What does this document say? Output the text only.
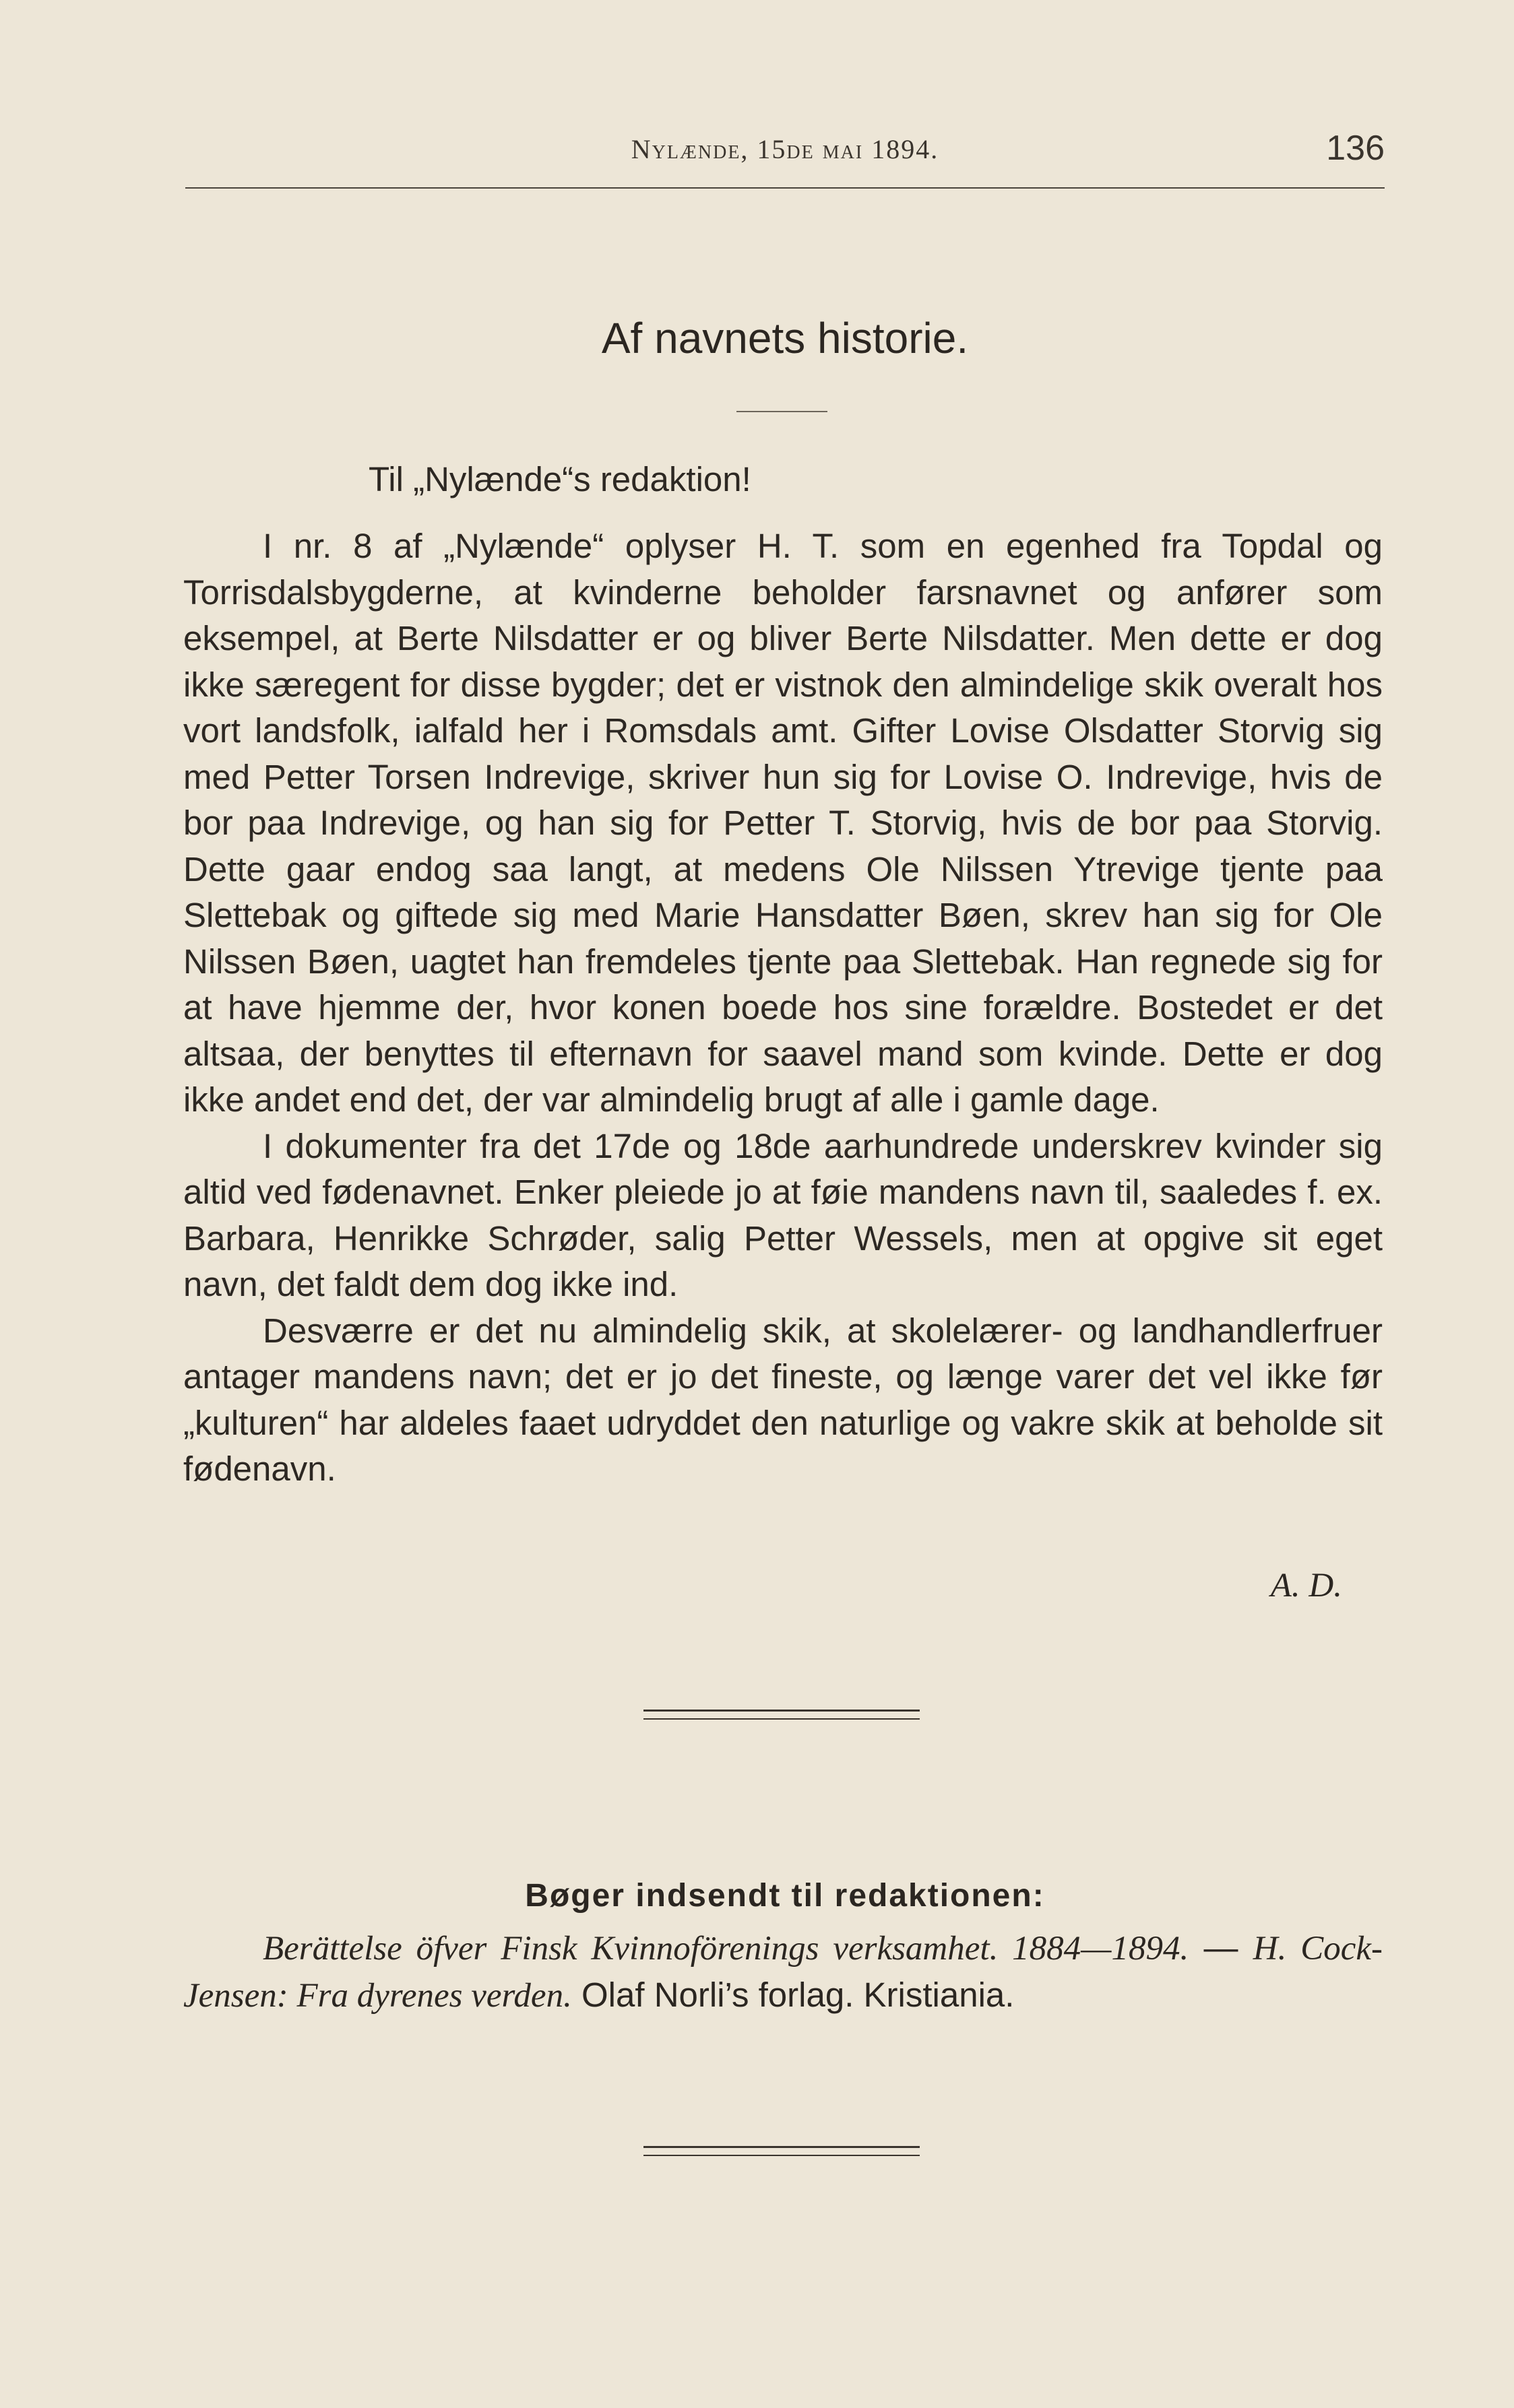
Nylænde, 15de mai 1894.	136
Af navnets historie.
Til „Nylænde“s redaktion!

I nr. 8 af „Nylænde“ oplyser H. T. som en egenhed fra Topdal og Torrisdalsbygderne, at kvinderne beholder farsnavnet og anfører som eksempel, at Berte Nilsdatter er og bliver Berte Nilsdatter. Men dette er dog ikke særegent for disse bygder; det er vistnok den almindelige skik overalt hos vort landsfolk, ialfald her i Romsdals amt. Gifter Lovise Olsdatter Storvig sig med Petter Torsen Indrevige, skriver hun sig for Lovise O. Indrevige, hvis de bor paa Indrevige, og han sig for Petter T. Storvig, hvis de bor paa Storvig. Dette gaar endog saa langt, at medens Ole Nilssen Ytrevige tjente paa Slettebak og giftede sig med Marie Hansdatter Bøen, skrev han sig for Ole Nilssen Bøen, uagtet han fremdeles tjente paa Slettebak. Han regnede sig for at have hjemme der, hvor konen boede hos sine forældre. Bostedet er det altsaa, der benyttes til efternavn for saavel mand som kvinde. Dette er dog ikke andet end det, der var almindelig brugt af alle i gamle dage.

I dokumenter fra det 17de og 18de aarhundrede underskrev kvinder sig altid ved fødenavnet. Enker pleiede jo at føie mandens navn til, saaledes f. ex. Barbara, Henrikke Schrøder, salig Petter Wessels, men at opgive sit eget navn, det faldt dem dog ikke ind.

Desværre er det nu almindelig skik, at skolelærer- og landhandlerfruer antager mandens navn; det er jo det fineste, og længe varer det vel ikke før „kulturen“ har aldeles faaet udryddet den naturlige og vakre skik at beholde sit fødenavn.

A. D.
Bøger indsendt til redaktionen:

Berättelse öfver Finsk Kvinnoförenings verksamhet. 1884—1894. — H. Cock-Jensen: Fra dyrenes verden. Olaf Norli’s forlag. Kristiania.
